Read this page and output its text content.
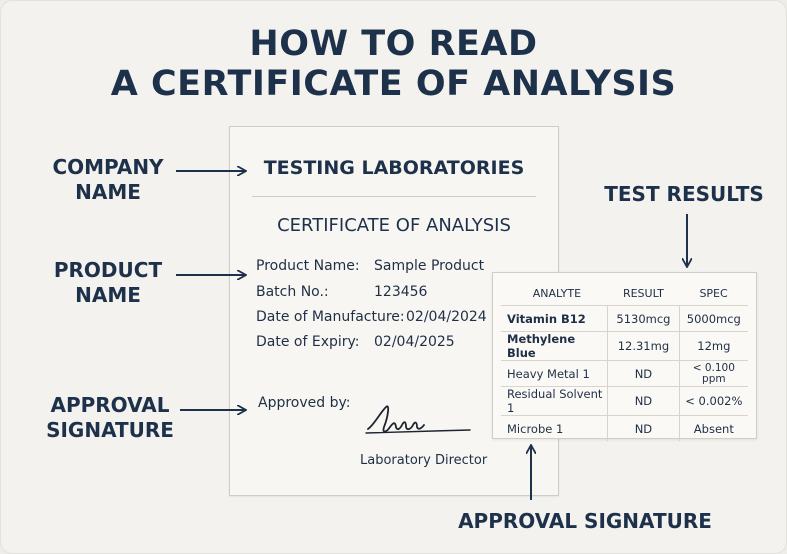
HOW TO READ
A CERTIFICATE OF ANALYSIS
COMPANY
NAME
PRODUCT
NAME
APPROVAL
SIGNATURE
TEST RESULTS
APPROVAL SIGNATURE
TESTING LABORATORIES
CERTIFICATE OF ANALYSIS
Product Name: Sample Product
Batch No.:	123456
Date of Manufacture: 02/04/2024
Date of Expiry: 02/04/2025
Approved by:
Laboratory Director
ANALYTE	RESULT	SPEC
Vitamin B12	5130mcg	5000mcg
Methylene Blue	12.31mg	12mg
Heavy Metal 1	ND	< 0.100 ppm
Residual Solvent 1	ND	< 0.002%
Microbe 1	ND	Absent
